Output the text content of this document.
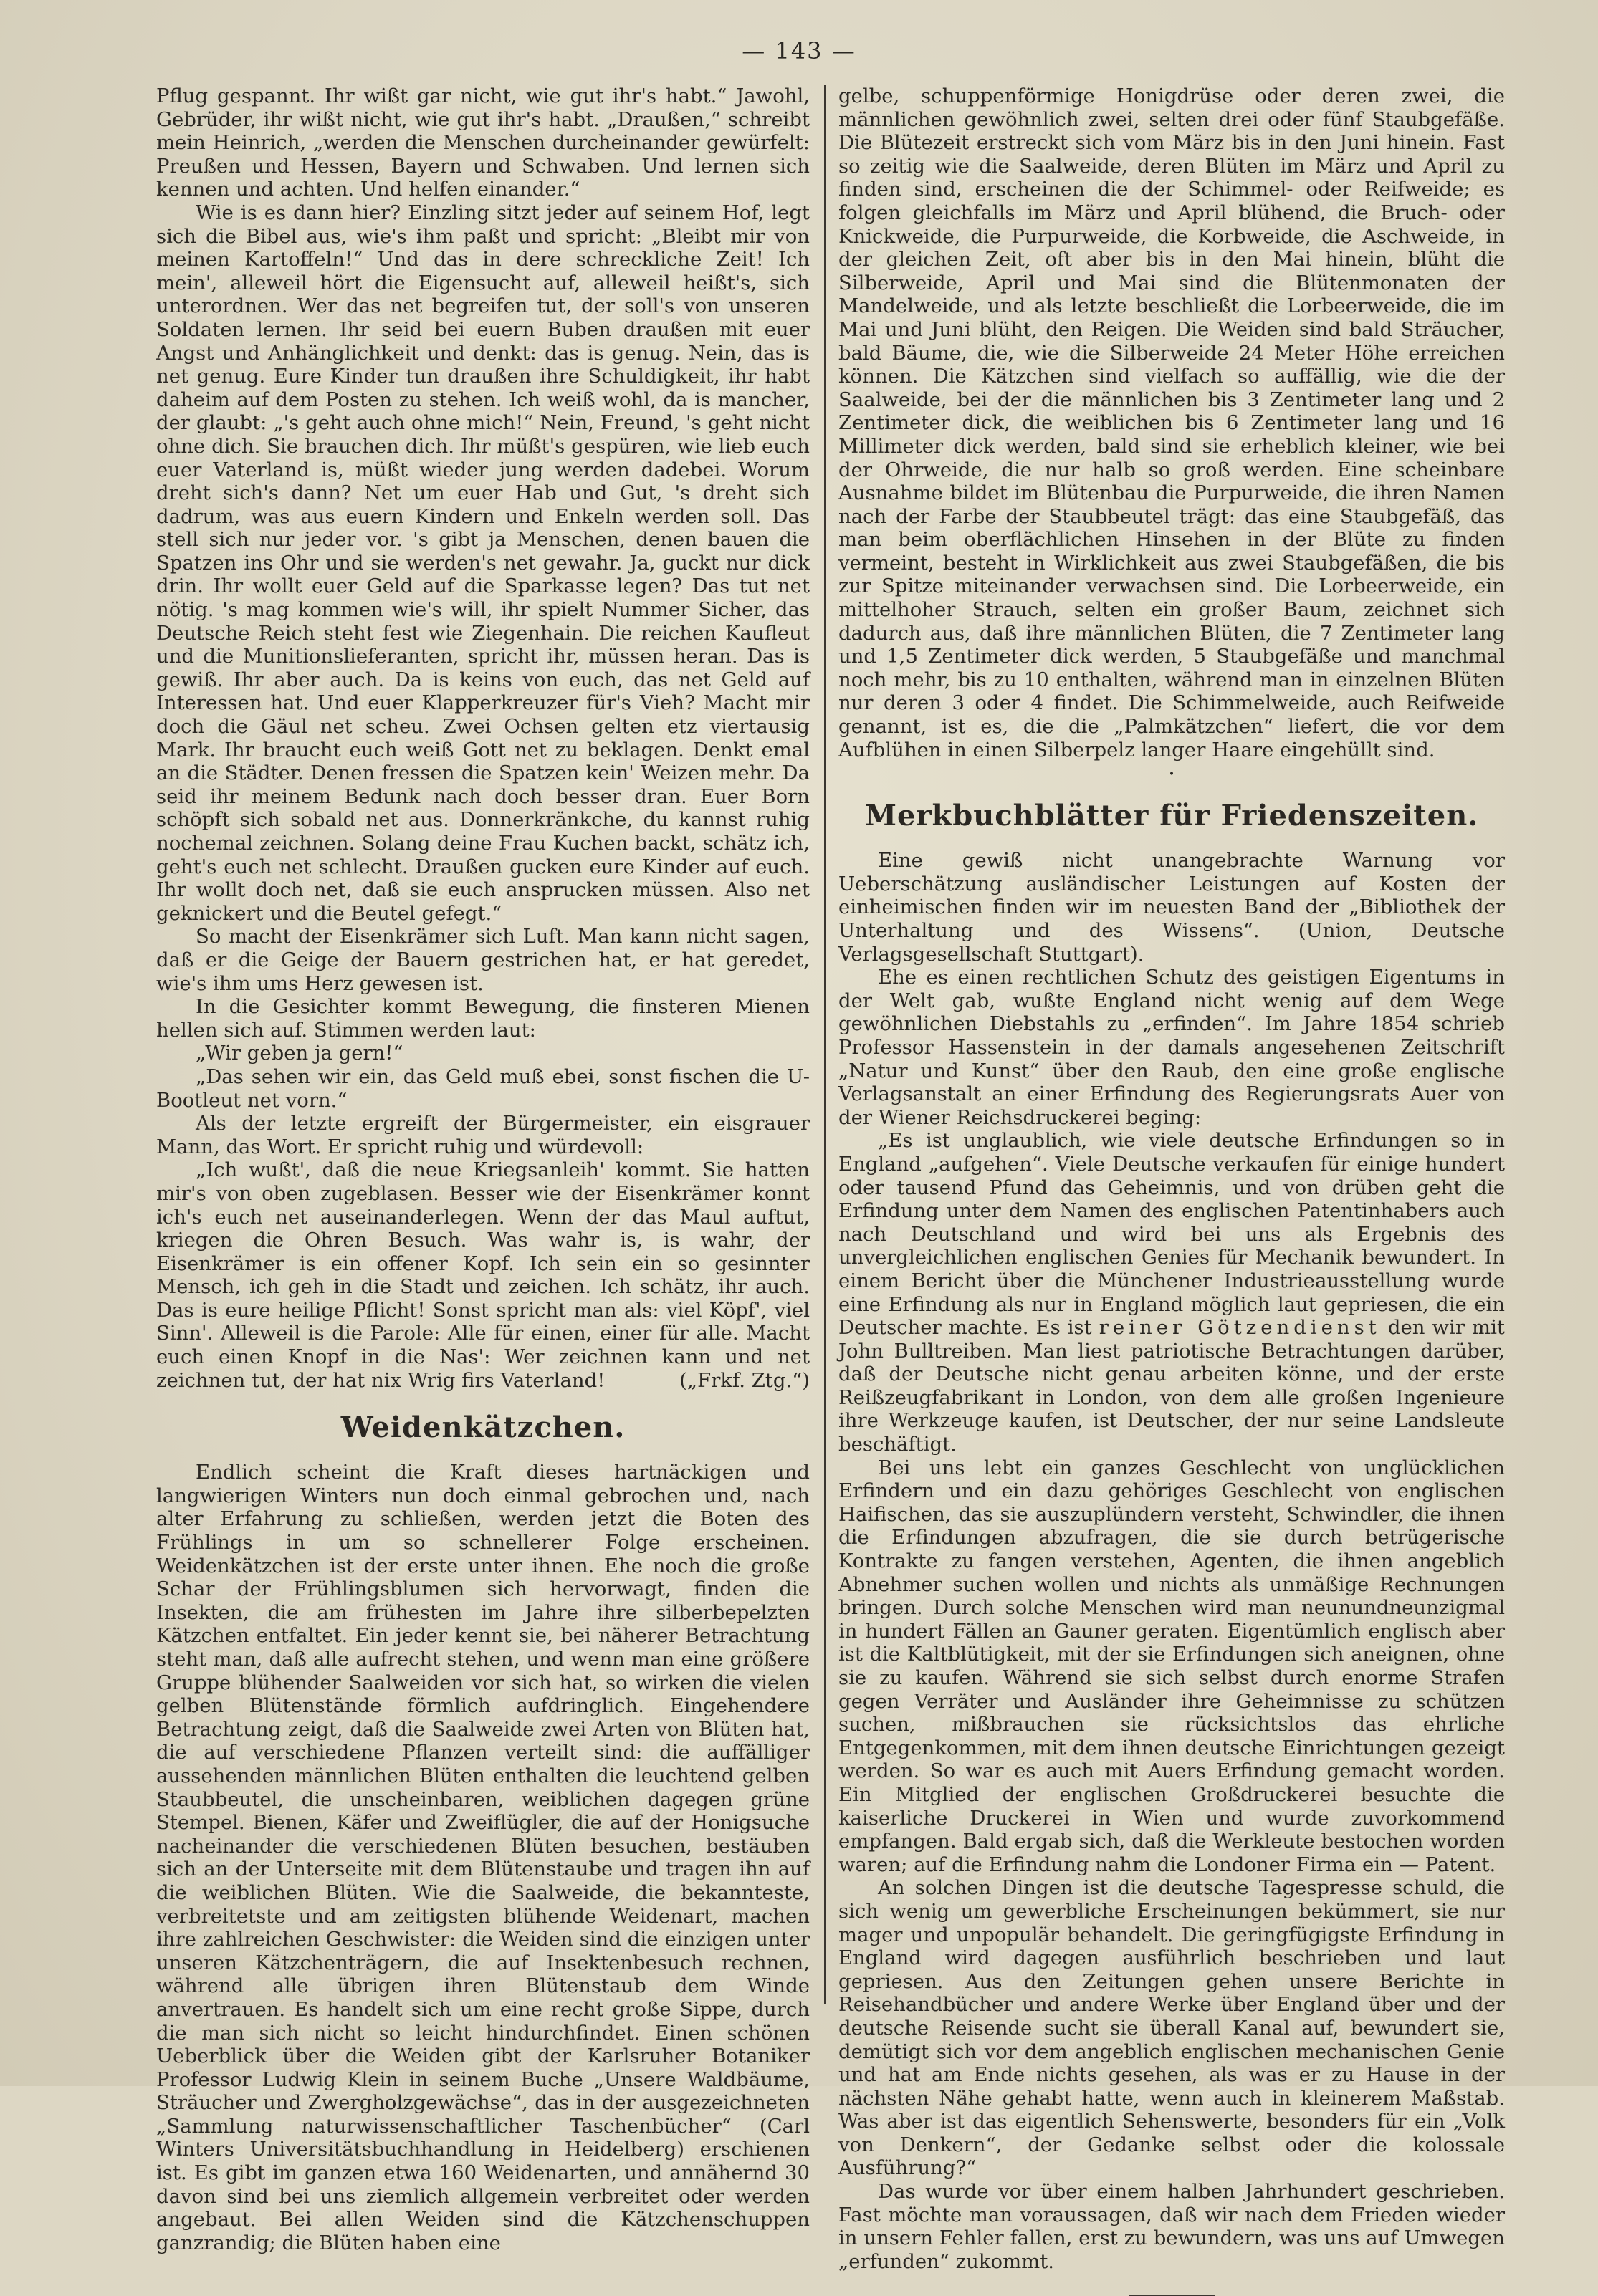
— 143 —

Pflug gespannt. Ihr wißt gar nicht, wie gut ihr's habt.“ Jawohl, Gebrüder, ihr wißt nicht, wie gut ihr's habt. „Draußen,“ schreibt mein Heinrich, „werden die Menschen durcheinander gewürfelt: Preußen und Hessen, Bayern und Schwaben. Und lernen sich kennen und achten. Und helfen einander.“

Wie is es dann hier? Einzling sitzt jeder auf seinem Hof, legt sich die Bibel aus, wie's ihm paßt und spricht: „Bleibt mir von meinen Kartoffeln!“ Und das in dere schreckliche Zeit! Ich mein', alleweil hört die Eigensucht auf, alleweil heißt's, sich unterordnen. Wer das net begreifen tut, der soll's von unseren Soldaten lernen. Ihr seid bei euern Buben draußen mit euer Angst und Anhänglichkeit und denkt: das is genug. Nein, das is net genug. Eure Kinder tun draußen ihre Schuldigkeit, ihr habt daheim auf dem Posten zu stehen. Ich weiß wohl, da is mancher, der glaubt: „'s geht auch ohne mich!“ Nein, Freund, 's geht nicht ohne dich. Sie brauchen dich. Ihr müßt's gespüren, wie lieb euch euer Vaterland is, müßt wieder jung werden dadebei. Worum dreht sich's dann? Net um euer Hab und Gut, 's dreht sich dadrum, was aus euern Kindern und Enkeln werden soll. Das stell sich nur jeder vor. 's gibt ja Menschen, denen bauen die Spatzen ins Ohr und sie werden's net gewahr. Ja, guckt nur dick drin. Ihr wollt euer Geld auf die Sparkasse legen? Das tut net nötig. 's mag kommen wie's will, ihr spielt Nummer Sicher, das Deutsche Reich steht fest wie Ziegenhain. Die reichen Kaufleut und die Munitionslieferanten, spricht ihr, müssen heran. Das is gewiß. Ihr aber auch. Da is keins von euch, das net Geld auf Interessen hat. Und euer Klapperkreuzer für's Vieh? Macht mir doch die Gäul net scheu. Zwei Ochsen gelten etz viertausig Mark. Ihr braucht euch weiß Gott net zu beklagen. Denkt emal an die Städter. Denen fressen die Spatzen kein' Weizen mehr. Da seid ihr meinem Bedunk nach doch besser dran. Euer Born schöpft sich sobald net aus. Donnerkränkche, du kannst ruhig nochemal zeichnen. Solang deine Frau Kuchen backt, schätz ich, geht's euch net schlecht. Draußen gucken eure Kinder auf euch. Ihr wollt doch net, daß sie euch ansprucken müssen. Also net geknickert und die Beutel gefegt.“

So macht der Eisenkrämer sich Luft. Man kann nicht sagen, daß er die Geige der Bauern gestrichen hat, er hat geredet, wie's ihm ums Herz gewesen ist.

In die Gesichter kommt Bewegung, die finsteren Mienen hellen sich auf. Stimmen werden laut:

„Wir geben ja gern!“

„Das sehen wir ein, das Geld muß ebei, sonst fischen die U-Bootleut net vorn.“

Als der letzte ergreift der Bürgermeister, ein eisgrauer Mann, das Wort. Er spricht ruhig und würdevoll:

„Ich wußt', daß die neue Kriegsanleih' kommt. Sie hatten mir's von oben zugeblasen. Besser wie der Eisenkrämer konnt ich's euch net auseinanderlegen. Wenn der das Maul auftut, kriegen die Ohren Besuch. Was wahr is, is wahr, der Eisenkrämer is ein offener Kopf. Ich sein ein so gesinnter Mensch, ich geh in die Stadt und zeichen. Ich schätz, ihr auch. Das is eure heilige Pflicht! Sonst spricht man als: viel Köpf', viel Sinn'. Alleweil is die Parole: Alle für einen, einer für alle. Macht euch einen Knopf in die Nas': Wer zeichnen kann und net zeichnen tut, der hat nix Wrig firs Vaterland!	(„Frkf. Ztg.“)

Weidenkätzchen.

Endlich scheint die Kraft dieses hartnäckigen und langwierigen Winters nun doch einmal gebrochen und, nach alter Erfahrung zu schließen, werden jetzt die Boten des Frühlings in um so schnellerer Folge erscheinen. Weidenkätzchen ist der erste unter ihnen. Ehe noch die große Schar der Frühlingsblumen sich hervorwagt, finden die Insekten, die am frühesten im Jahre ihre silberbepelzten Kätzchen entfaltet. Ein jeder kennt sie, bei näherer Betrachtung steht man, daß alle aufrecht stehen, und wenn man eine größere Gruppe blühender Saalweiden vor sich hat, so wirken die vielen gelben Blütenstände förmlich aufdringlich. Eingehendere Betrachtung zeigt, daß die Saalweide zwei Arten von Blüten hat, die auf verschiedene Pflanzen verteilt sind: die auffälliger aussehenden männlichen Blüten enthalten die leuchtend gelben Staubbeutel, die unscheinbaren, weiblichen dagegen grüne Stempel. Bienen, Käfer und Zweiflügler, die auf der Honigsuche nacheinander die verschiedenen Blüten besuchen, bestäuben sich an der Unterseite mit dem Blütenstaube und tragen ihn auf die weiblichen Blüten. Wie die Saalweide, die bekannteste, verbreitetste und am zeitigsten blühende Weidenart, machen ihre zahlreichen Geschwister: die Weiden sind die einzigen unter unseren Kätzchenträgern, die auf Insektenbesuch rechnen, während alle übrigen ihren Blütenstaub dem Winde anvertrauen. Es handelt sich um eine recht große Sippe, durch die man sich nicht so leicht hindurchfindet. Einen schönen Ueberblick über die Weiden gibt der Karlsruher Botaniker Professor Ludwig Klein in seinem Buche „Unsere Waldbäume, Sträucher und Zwergholzgewächse“, das in der ausgezeichneten „Sammlung naturwissenschaftlicher Taschenbücher“ (Carl Winters Universitätsbuchhandlung in Heidelberg) erschienen ist. Es gibt im ganzen etwa 160 Weidenarten, und annähernd 30 davon sind bei uns ziemlich allgemein verbreitet oder werden angebaut. Bei allen Weiden sind die Kätzchenschuppen ganzrandig; die Blüten haben eine

gelbe, schuppenförmige Honigdrüse oder deren zwei, die männlichen gewöhnlich zwei, selten drei oder fünf Staubgefäße. Die Blütezeit erstreckt sich vom März bis in den Juni hinein. Fast so zeitig wie die Saalweide, deren Blüten im März und April zu finden sind, erscheinen die der Schimmel- oder Reifweide; es folgen gleichfalls im März und April blühend, die Bruch- oder Knickweide, die Purpurweide, die Korbweide, die Aschweide, in der gleichen Zeit, oft aber bis in den Mai hinein, blüht die Silberweide, April und Mai sind die Blütenmonaten der Mandelweide, und als letzte beschließt die Lorbeerweide, die im Mai und Juni blüht, den Reigen. Die Weiden sind bald Sträucher, bald Bäume, die, wie die Silberweide 24 Meter Höhe erreichen können. Die Kätzchen sind vielfach so auffällig, wie die der Saalweide, bei der die männlichen bis 3 Zentimeter lang und 2 Zentimeter dick, die weiblichen bis 6 Zentimeter lang und 16 Millimeter dick werden, bald sind sie erheblich kleiner, wie bei der Ohrweide, die nur halb so groß werden. Eine scheinbare Ausnahme bildet im Blütenbau die Purpurweide, die ihren Namen nach der Farbe der Staubbeutel trägt: das eine Staubgefäß, das man beim oberflächlichen Hinsehen in der Blüte zu finden vermeint, besteht in Wirklichkeit aus zwei Staubgefäßen, die bis zur Spitze miteinander verwachsen sind. Die Lorbeerweide, ein mittelhoher Strauch, selten ein großer Baum, zeichnet sich dadurch aus, daß ihre männlichen Blüten, die 7 Zentimeter lang und 1,5 Zentimeter dick werden, 5 Staubgefäße und manchmal noch mehr, bis zu 10 enthalten, während man in einzelnen Blüten nur deren 3 oder 4 findet. Die Schimmelweide, auch Reifweide genannt, ist es, die die „Palmkätzchen“ liefert, die vor dem Aufblühen in einen Silberpelz langer Haare eingehüllt sind.

•
Merkbuchblätter für Friedenszeiten.

Eine gewiß nicht unangebrachte Warnung vor Ueberschätzung ausländischer Leistungen auf Kosten der einheimischen finden wir im neuesten Band der „Bibliothek der Unterhaltung und des Wissens“. (Union, Deutsche Verlagsgesellschaft Stuttgart).

Ehe es einen rechtlichen Schutz des geistigen Eigentums in der Welt gab, wußte England nicht wenig auf dem Wege gewöhnlichen Diebstahls zu „erfinden“. Im Jahre 1854 schrieb Professor Hassenstein in der damals angesehenen Zeitschrift „Natur und Kunst“ über den Raub, den eine große englische Verlagsanstalt an einer Erfindung des Regierungsrats Auer von der Wiener Reichsdruckerei beging:

„Es ist unglaublich, wie viele deutsche Erfindungen so in England „aufgehen“. Viele Deutsche verkaufen für einige hundert oder tausend Pfund das Geheimnis, und von drüben geht die Erfindung unter dem Namen des englischen Patentinhabers auch nach Deutschland und wird bei uns als Ergebnis des unvergleichlichen englischen Genies für Mechanik bewundert. In einem Bericht über die Münchener Industrieausstellung wurde eine Erfindung als nur in England möglich laut gepriesen, die ein Deutscher machte. Es ist reiner Götzendienst den wir mit John Bulltreiben. Man liest patriotische Betrachtungen darüber, daß der Deutsche nicht genau arbeiten könne, und der erste Reißzeugfabrikant in London, von dem alle großen Ingenieure ihre Werkzeuge kaufen, ist Deutscher, der nur seine Landsleute beschäftigt.

Bei uns lebt ein ganzes Geschlecht von unglücklichen Erfindern und ein dazu gehöriges Geschlecht von englischen Haifischen, das sie auszuplündern versteht, Schwindler, die ihnen die Erfindungen abzufragen, die sie durch betrügerische Kontrakte zu fangen verstehen, Agenten, die ihnen angeblich Abnehmer suchen wollen und nichts als unmäßige Rechnungen bringen. Durch solche Menschen wird man neunundneunzigmal in hundert Fällen an Gauner geraten. Eigentümlich englisch aber ist die Kaltblütigkeit, mit der sie Erfindungen sich aneignen, ohne sie zu kaufen. Während sie sich selbst durch enorme Strafen gegen Verräter und Ausländer ihre Geheimnisse zu schützen suchen, mißbrauchen sie rücksichtslos das ehrliche Entgegenkommen, mit dem ihnen deutsche Einrichtungen gezeigt werden. So war es auch mit Auers Erfindung gemacht worden. Ein Mitglied der englischen Großdruckerei besuchte die kaiserliche Druckerei in Wien und wurde zuvorkommend empfangen. Bald ergab sich, daß die Werkleute bestochen worden waren; auf die Erfindung nahm die Londoner Firma ein — Patent.

An solchen Dingen ist die deutsche Tagespresse schuld, die sich wenig um gewerbliche Erscheinungen bekümmert, sie nur mager und unpopulär behandelt. Die geringfügigste Erfindung in England wird dagegen ausführlich beschrieben und laut gepriesen. Aus den Zeitungen gehen unsere Berichte in Reisehandbücher und andere Werke über England über und der deutsche Reisende sucht sie überall Kanal auf, bewundert sie, demütigt sich vor dem angeblich englischen mechanischen Genie und hat am Ende nichts gesehen, als was er zu Hause in der nächsten Nähe gehabt hatte, wenn auch in kleinerem Maßstab. Was aber ist das eigentlich Sehenswerte, besonders für ein „Volk von Denkern“, der Gedanke selbst oder die kolossale Ausführung?“

Das wurde vor über einem halben Jahrhundert geschrieben. Fast möchte man voraussagen, daß wir nach dem Frieden wieder in unsern Fehler fallen, erst zu bewundern, was uns auf Umwegen „erfunden“ zukommt.
